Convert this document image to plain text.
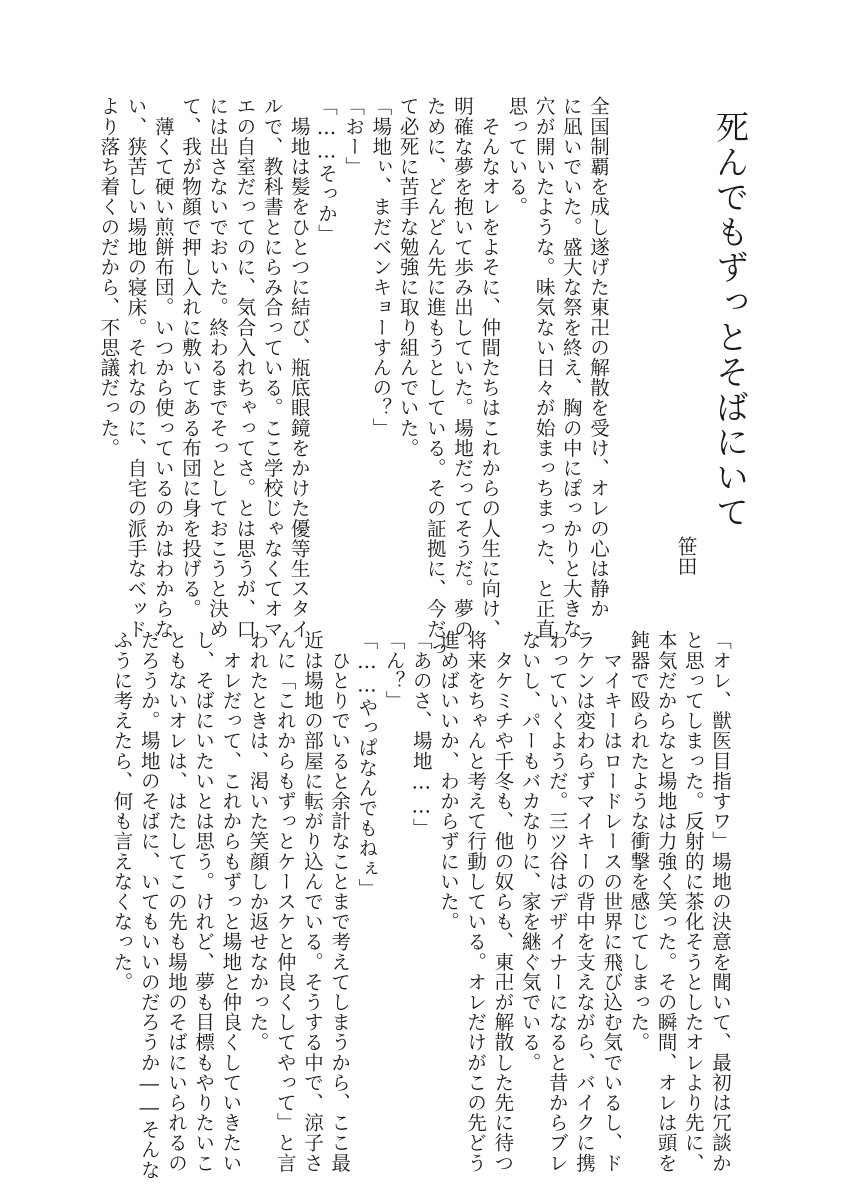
死んでもずっとそばにいて
笹田

全国制覇を成し遂げた東卍の解散を受け、オレの心は静か

に凪いでいた。盛大な祭を終え、胸の中にぽっかりと大きな

穴が開いたような。味気ない日々が始まっちまった、と正直

思っている。

　そんなオレをよそに、仲間たちはこれからの人生に向け、

明確な夢を抱いて歩み出していた。場地だってそうだ。夢の

ために、どんどん先に進もうとしている。その証拠に、今だっ

て必死に苦手な勉強に取り組んでいた。

「場地ぃ、まだベンキョーすんの？」

「おー」

「……そっか」

　場地は髪をひとつに結び、瓶底眼鏡をかけた優等生スタイ

ルで、教科書とにらみ合っている。ここ学校じゃなくてオマ

エの自室だってのに、気合入れちゃってさ。とは思うが、口

には出さないでおいた。終わるまでそっとしておこうと決め

て、我が物顔で押し入れに敷いてある布団に身を投げる。

　薄くて硬い煎餅布団。いつから使っているのかはわからな

い、狭苦しい場地の寝床。それなのに、自宅の派手なベッド

より落ち着くのだから、不思議だった。

「オレ、獣医目指すワ」場地の決意を聞いて、最初は冗談か

と思ってしまった。反射的に茶化そうとしたオレより先に、

本気だからなと場地は力強く笑った。その瞬間、オレは頭を

鈍器で殴られたような衝撃を感じてしまった。

　マイキーはロードレースの世界に飛び込む気でいるし、ド

ラケンは変わらずマイキーの背中を支えながら、バイクに携

わっていくようだ。三ツ谷はデザイナーになると昔からブレ

ないし、パーもバカなりに、家を継ぐ気でいる。

　タケミチや千冬も、他の奴らも、東卍が解散した先に待つ

将来をちゃんと考えて行動している。オレだけがこの先どう

進めばいいか、わからずにいた。

「あのさ、場地……」

「ん？」

「……やっぱなんでもねぇ」

　ひとりでいると余計なことまで考えてしまうから、ここ最

近は場地の部屋に転がり込んでいる。そうする中で、涼子さ

んに「これからもずっとケースケと仲良くしてやって」と言

われたときは、渇いた笑顔しか返せなかった。

　オレだって、これからもずっと場地と仲良くしていきたい

し、そばにいたいとは思う。けれど、夢も目標もやりたいこ

ともないオレは、はたしてこの先も場地のそばにいられるの

だろうか。場地のそばに、いてもいいのだろうか――そんな

ふうに考えたら、何も言えなくなった。
